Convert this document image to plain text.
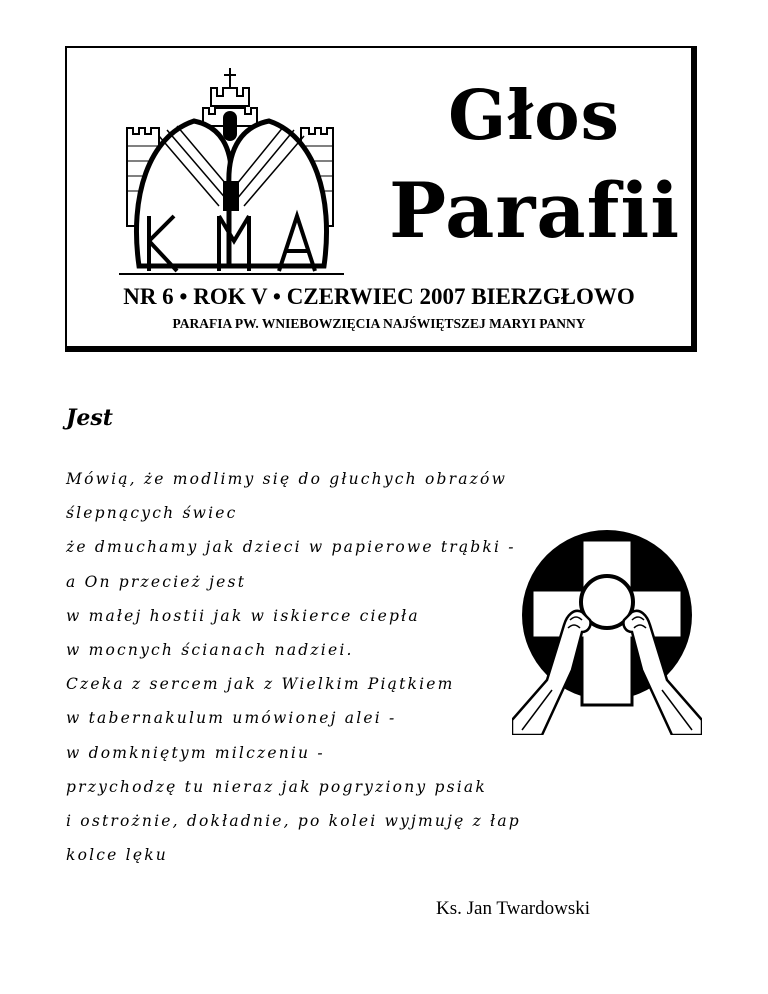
Głos
Parafii
NR 6 • ROK V • CZERWIEC 2007 BIERZGŁOWO
PARAFIA PW. WNIEBOWZIĘCIA NAJŚWIĘTSZEJ MARYI PANNY
Jest
Mówią, że modlimy się do głuchych obrazów
ślepnących świec
że dmuchamy jak dzieci w papierowe trąbki -
a On przecież jest
w małej hostii jak w iskierce ciepła
w mocnych ścianach nadziei.
Czeka z sercem jak z Wielkim Piątkiem
w tabernakulum umówionej alei -
w domkniętym milczeniu -
przychodzę tu nieraz jak pogryziony psiak
i ostrożnie, dokładnie, po kolei wyjmuję z łap
kolce lęku
Ks. Jan Twardowski
